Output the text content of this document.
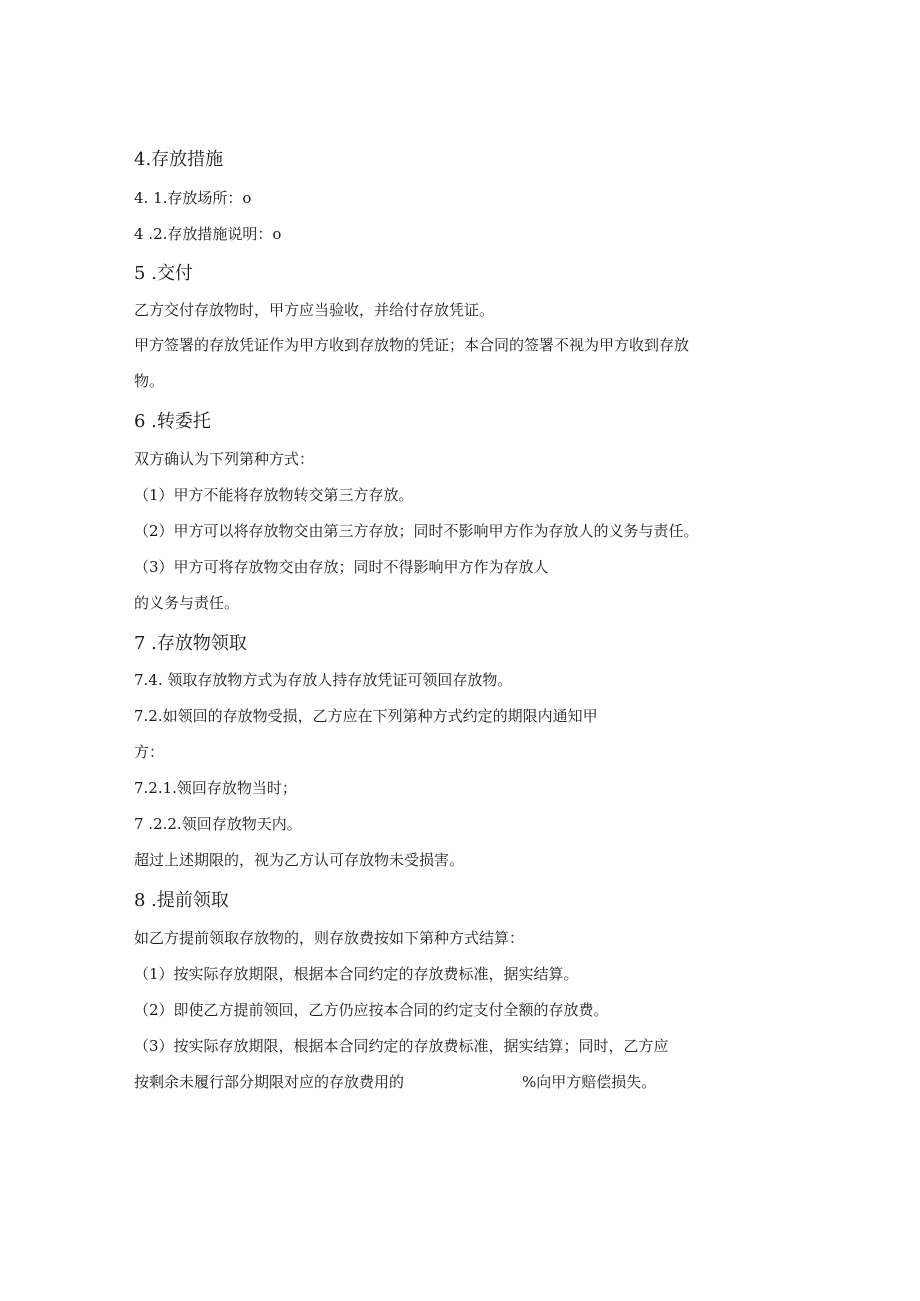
4.存放措施
4. 1.存放场所：o
4 .2.存放措施说明：o
5 .交付
乙方交付存放物时，甲方应当验收，并给付存放凭证。
甲方签署的存放凭证作为甲方收到存放物的凭证；本合同的签署不视为甲方收到存放
物。
6 .转委托
双方确认为下列第种方式：
（1）甲方不能将存放物转交第三方存放。
（2）甲方可以将存放物交由第三方存放；同时不影响甲方作为存放人的义务与责任。
（3）甲方可将存放物交由存放；同时不得影响甲方作为存放人
的义务与责任。
7 .存放物领取
7.4. 领取存放物方式为存放人持存放凭证可领回存放物。
7.2.如领回的存放物受损，乙方应在下列第种方式约定的期限内通知甲
方：
7.2.1.领回存放物当时；
7 .2.2.领回存放物天内。
超过上述期限的，视为乙方认可存放物未受损害。
8 .提前领取
如乙方提前领取存放物的，则存放费按如下第种方式结算：
（1）按实际存放期限，根据本合同约定的存放费标准，据实结算。
（2）即使乙方提前领回，乙方仍应按本合同的约定支付全额的存放费。
（3）按实际存放期限，根据本合同约定的存放费标准，据实结算；同时，乙方应
按剩余未履行部分期限对应的存放费用的	%向甲方赔偿损失。
